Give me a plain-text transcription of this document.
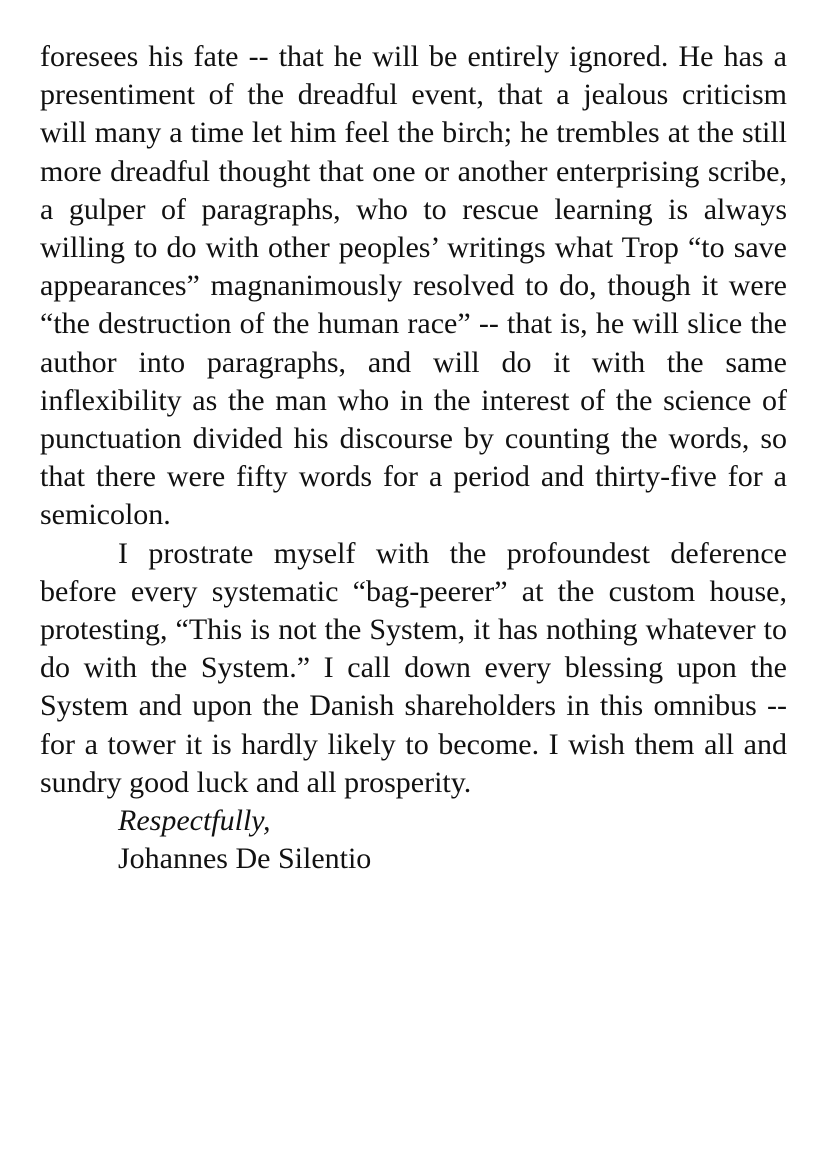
foresees his fate -- that he will be entirely ignored. He has a presentiment of the dreadful event, that a jealous criticism will many a time let him feel the birch; he trembles at the still more dreadful thought that one or another enterprising scribe, a gulper of paragraphs, who to rescue learning is always willing to do with other peoples’ writings what Trop “to save appearances” magnanimously resolved to do, though it were “the destruction of the human race” -- that is, he will slice the author into paragraphs, and will do it with the same inflexibility as the man who in the interest of the science of punctuation divided his discourse by counting the words, so that there were fifty words for a period and thirty-five for a semicolon.

I prostrate myself with the profoundest deference before every systematic “bag-peerer” at the custom house, protesting, “This is not the System, it has nothing whatever to do with the System.” I call down every blessing upon the System and upon the Danish shareholders in this omnibus -- for a tower it is hardly likely to become. I wish them all and sundry good luck and all prosperity.

Respectfully,

Johannes De Silentio
